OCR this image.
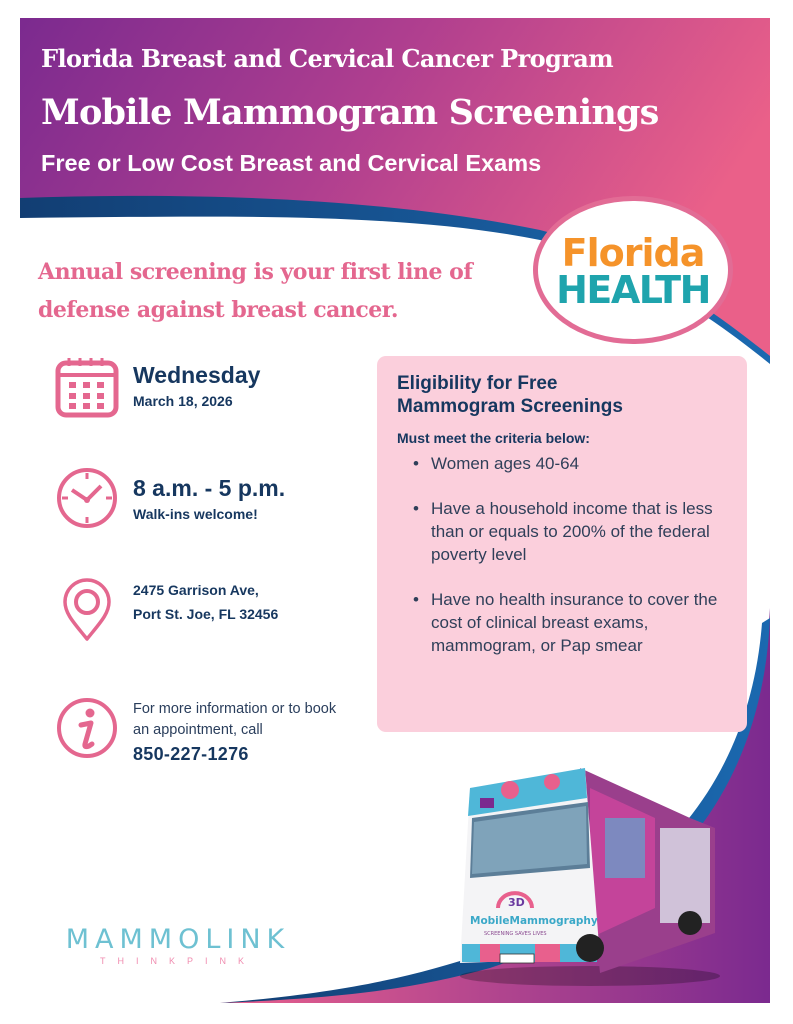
Florida Breast and Cervical Cancer Program
Mobile Mammogram Screenings
Free or Low Cost Breast and Cervical Exams
Florida
HEALTH
Annual screening is your first line of defense against breast cancer.
Wednesday
March 18, 2026
8 a.m. - 5 p.m.
Walk-ins welcome!
2475 Garrison Ave,
Port St. Joe, FL 32456
For more information or to book
an appointment, call
850-227-1276
Eligibility for Free
Mammogram Screenings
Must meet the criteria below:
• Women ages 40-64
• Have a household income that is less than or equals to 200% of the federal poverty level
• Have no health insurance to cover the cost of clinical breast exams, mammogram, or Pap smear
3D
MobileMammography
SCREENING SAVES LIVES
MAMMOLINK
THINKPINK
